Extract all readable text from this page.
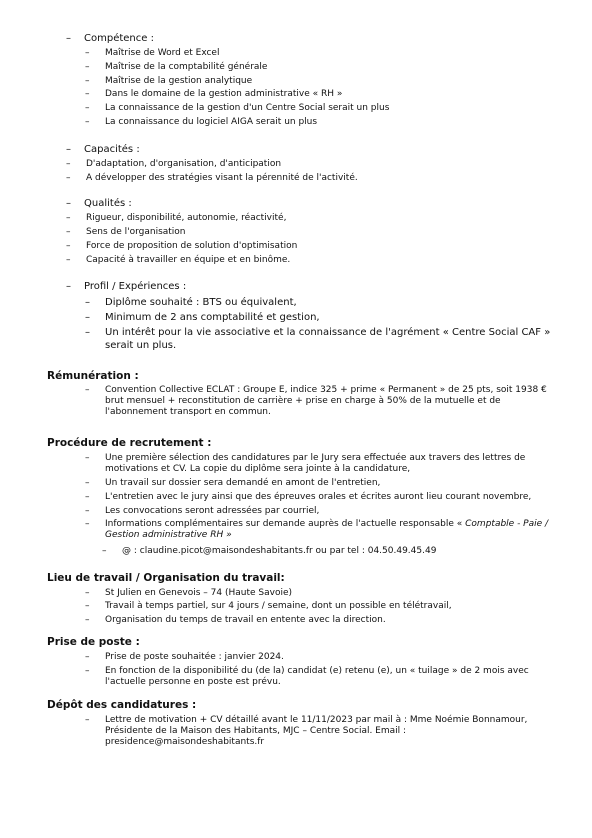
– Compétence :
– Maîtrise de Word et Excel
– Maîtrise de la comptabilité générale
– Maîtrise de la gestion analytique
– Dans le domaine de la gestion administrative « RH »
– La connaissance de la gestion d'un Centre Social serait un plus
– La connaissance du logiciel AIGA serait un plus
– Capacités :
– D'adaptation, d'organisation, d'anticipation
– A développer des stratégies visant la pérennité de l'activité.
– Qualités :
– Rigueur, disponibilité, autonomie, réactivité,
– Sens de l'organisation
– Force de proposition de solution d'optimisation
– Capacité à travailler en équipe et en binôme.
– Profil / Expériences :
– Diplôme souhaité : BTS ou équivalent,
– Minimum de 2 ans comptabilité et gestion,
– Un intérêt pour la vie associative et la connaissance de l'agrément « Centre Social CAF » serait un plus.
Rémunération :
– Convention Collective ECLAT : Groupe E, indice 325 + prime « Permanent » de 25 pts, soit 1938 € brut mensuel + reconstitution de carrière + prise en charge à 50% de la mutuelle et de l'abonnement transport en commun.
Procédure de recrutement :
– Une première sélection des candidatures par le Jury sera effectuée aux travers des lettres de motivations et CV. La copie du diplôme sera jointe à la candidature,
– Un travail sur dossier sera demandé en amont de l'entretien,
– L'entretien avec le jury ainsi que des épreuves orales et écrites auront lieu courant novembre,
– Les convocations seront adressées par courriel,
– Informations complémentaires sur demande auprès de l'actuelle responsable « Comptable - Paie / Gestion administrative RH »
– @ : claudine.picot@maisondeshabitants.fr ou par tel : 04.50.49.45.49
Lieu de travail / Organisation du travail:
– St Julien en Genevois – 74 (Haute Savoie)
– Travail à temps partiel, sur 4 jours / semaine, dont un possible en télétravail,
– Organisation du temps de travail en entente avec la direction.
Prise de poste :
– Prise de poste souhaitée : janvier 2024.
– En fonction de la disponibilité du (de la) candidat (e) retenu (e), un « tuilage » de 2 mois avec l'actuelle personne en poste est prévu.
Dépôt des candidatures :
– Lettre de motivation + CV détaillé avant le 11/11/2023 par mail à : Mme Noémie Bonnamour, Présidente de la Maison des Habitants, MJC – Centre Social. Email : presidence@maisondeshabitants.fr
